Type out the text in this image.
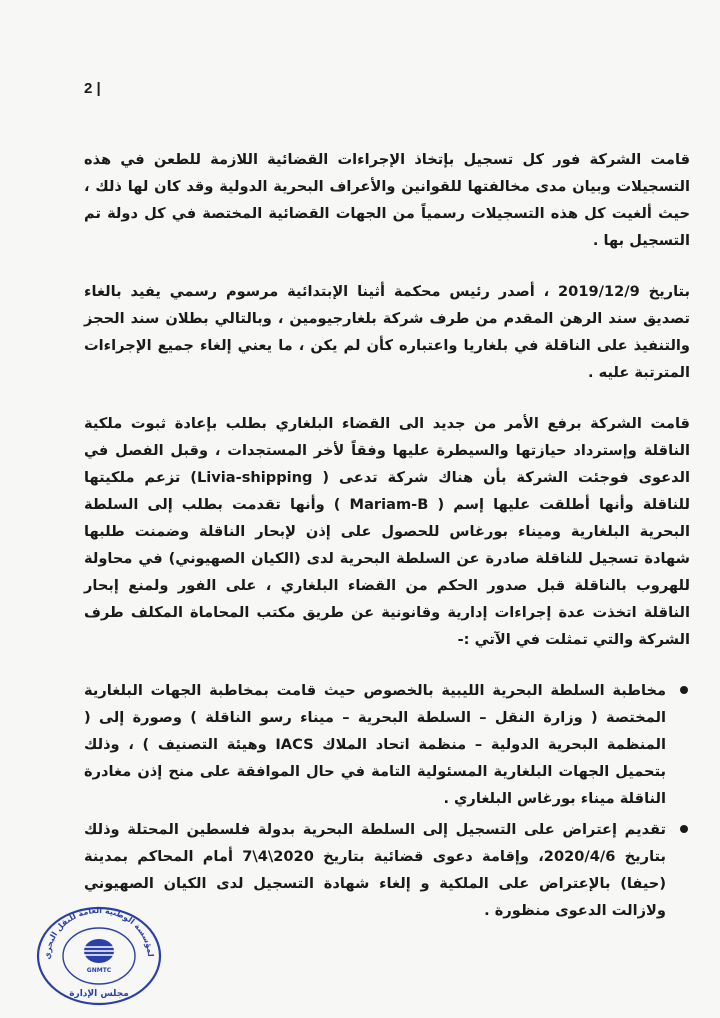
2 |

قامت الشركة فور كل تسجيل بإتخاذ الإجراءات القضائية اللازمة للطعن في هذه التسجيلات وبيان مدى مخالفتها للقوانين والأعراف البحرية الدولية وقد كان لها ذلك ، حيث ألغيت كل هذه التسجيلات رسمياً من الجهات القضائية المختصة في كل دولة تم التسجيل بها .

بتاريخ 2019/12/9 ، أصدر رئيس محكمة أثينا الإبتدائية مرسوم رسمي يفيد بالغاء تصديق سند الرهن المقدم من طرف شركة بلغارجيومين ، وبالتالي بطلان سند الحجز والتنفيذ على الناقلة في بلغاريا واعتباره كأن لم يكن ، ما يعني إلغاء جميع الإجراءات المترتبة عليه .

قامت الشركة برفع الأمر من جديد الى القضاء البلغاري بطلب بإعادة ثبوت ملكية الناقلة وإسترداد حيازتها والسيطرة عليها وفقاً لأخر المستجدات ، وقبل الفصل في الدعوى فوجئت الشركة بأن هناك شركة تدعى ( Livia-shipping) تزعم ملكيتها للناقلة وأنها أطلقت عليها إسم ( Mariam-B ) وأنها تقدمت بطلب إلى السلطة البحرية البلغارية وميناء بورغاس للحصول على إذن لإبحار الناقلة وضمنت طلبها شهادة تسجيل للناقلة صادرة عن السلطة البحرية لدى (الكيان الصهيوني) في محاولة للهروب بالناقلة قبل صدور الحكم من القضاء البلغاري ، على الفور ولمنع إبحار الناقلة اتخذت عدة إجراءات إدارية وقانونية عن طريق مكتب المحاماة المكلف طرف الشركة والتي تمثلت في الآتي :-

مخاطبة السلطة البحرية الليبية بالخصوص حيث قامت بمخاطبة الجهات البلغارية المختصة ( وزارة النقل – السلطة البحرية – ميناء رسو الناقلة ) وصورة إلى ( المنظمة البحرية الدولية – منظمة اتحاد الملاك IACS وهيئة التصنيف ) ، وذلك بتحميل الجهات البلغارية المسئولية التامة في حال الموافقة على منح إذن مغادرة الناقلة ميناء بورغاس البلغاري .
تقديم إعتراض على التسجيل إلى السلطة البحرية بدولة فلسطين المحتلة وذلك بتاريخ 2020/4/6، وإقامة دعوى قضائية بتاريخ 2020\4\7 أمام المحاكم بمدينة (حيفا) بالإعتراض على الملكية و إلغاء شهادة التسجيل لدى الكيان الصهيوني ولازالت الدعوى منظورة .
لمؤسسة الوطنية العامة للنقل البحري
GNMTC
مجلس الإدارة
